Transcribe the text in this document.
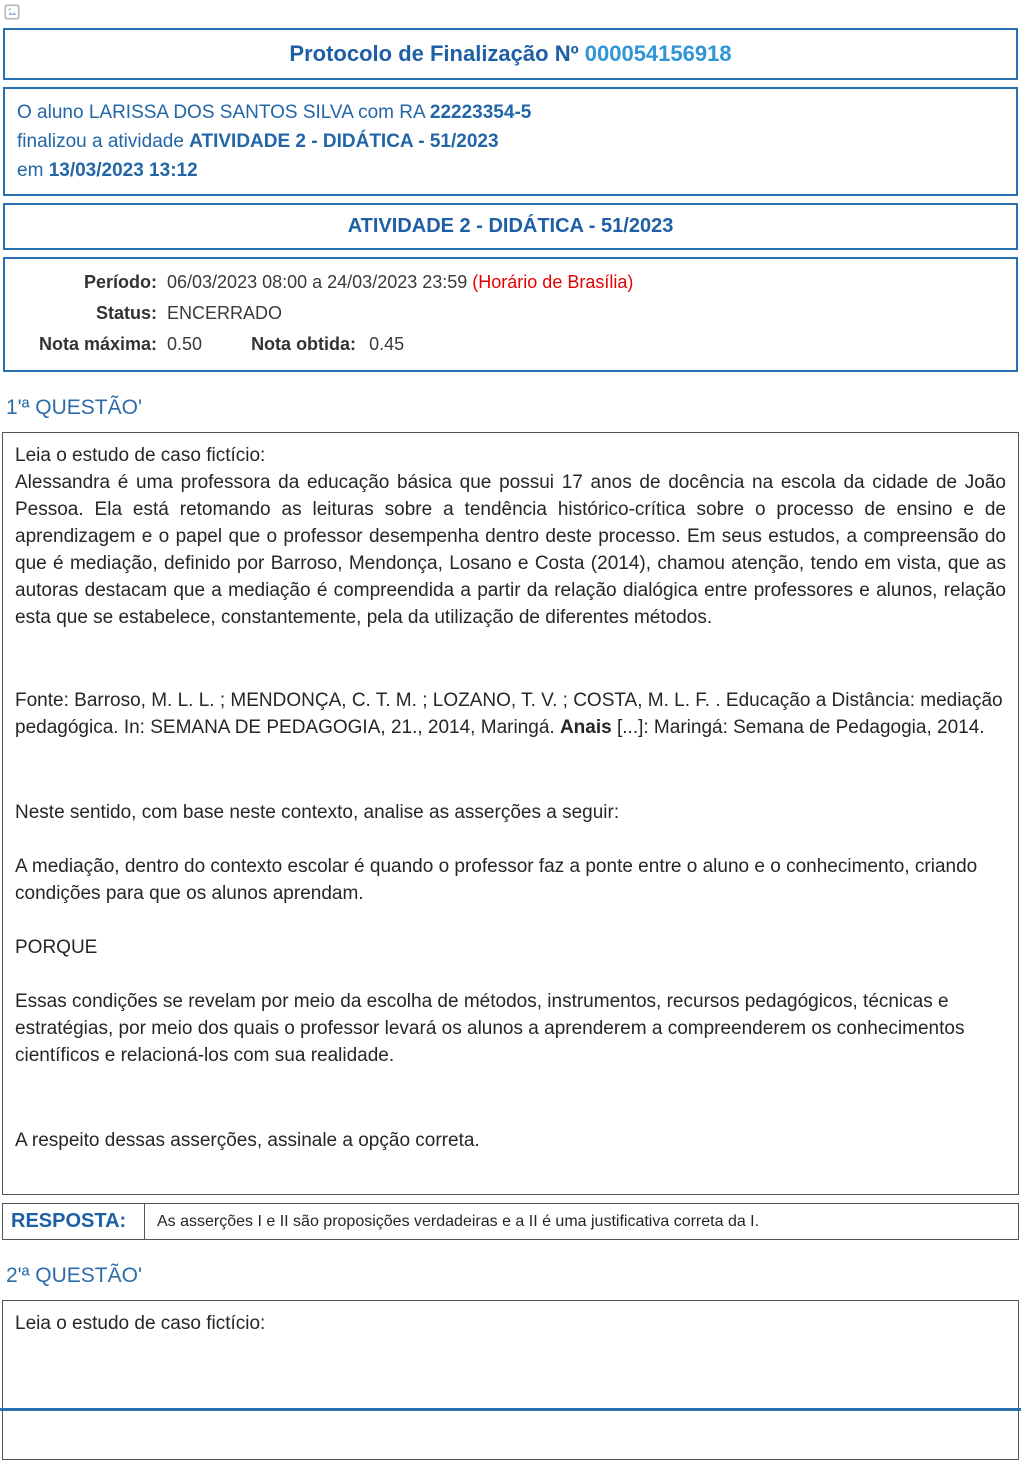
Protocolo de Finalização Nº 000054156918
O aluno LARISSA DOS SANTOS SILVA com RA 22223354-5
finalizou a atividade ATIVIDADE 2 - DIDÁTICA - 51/2023
em 13/03/2023 13:12
ATIVIDADE 2 - DIDÁTICA - 51/2023
Período: 06/03/2023 08:00 a 24/03/2023 23:59 (Horário de Brasília)
Status: ENCERRADO
Nota máxima: 0.50	Nota obtida: 0.45
1'ª QUESTÃO'

Leia o estudo de caso fictício:

Alessandra é uma professora da educação básica que possui 17 anos de docência na escola da cidade de João Pessoa. Ela está retomando as leituras sobre a tendência histórico-crítica sobre o processo de ensino e de aprendizagem e o papel que o professor desempenha dentro deste processo. Em seus estudos, a compreensão do que é mediação, definido por Barroso, Mendonça, Losano e Costa (2014), chamou atenção, tendo em vista, que as autoras destacam que a mediação é compreendida a partir da relação dialógica entre professores e alunos, relação esta que se estabelece, constantemente, pela da utilização de diferentes métodos.

Fonte: Barroso, M. L. L. ; MENDONÇA, C. T. M. ; LOZANO, T. V. ; COSTA, M. L. F. . Educação a Distância: mediação pedagógica. In: SEMANA DE PEDAGOGIA, 21., 2014, Maringá. Anais [...]: Maringá: Semana de Pedagogia, 2014.

Neste sentido, com base neste contexto, analise as asserções a seguir:

A mediação, dentro do contexto escolar é quando o professor faz a ponte entre o aluno e o conhecimento, criando condições para que os alunos aprendam.

PORQUE

Essas condições se revelam por meio da escolha de métodos, instrumentos, recursos pedagógicos, técnicas e estratégias, por meio dos quais o professor levará os alunos a aprenderem a compreenderem os conhecimentos científicos e relacioná-los com sua realidade.

A respeito dessas asserções, assinale a opção correta.

RESPOSTA:	As asserções I e II são proposições verdadeiras e a II é uma justificativa correta da I.
2'ª QUESTÃO'

Leia o estudo de caso fictício:
